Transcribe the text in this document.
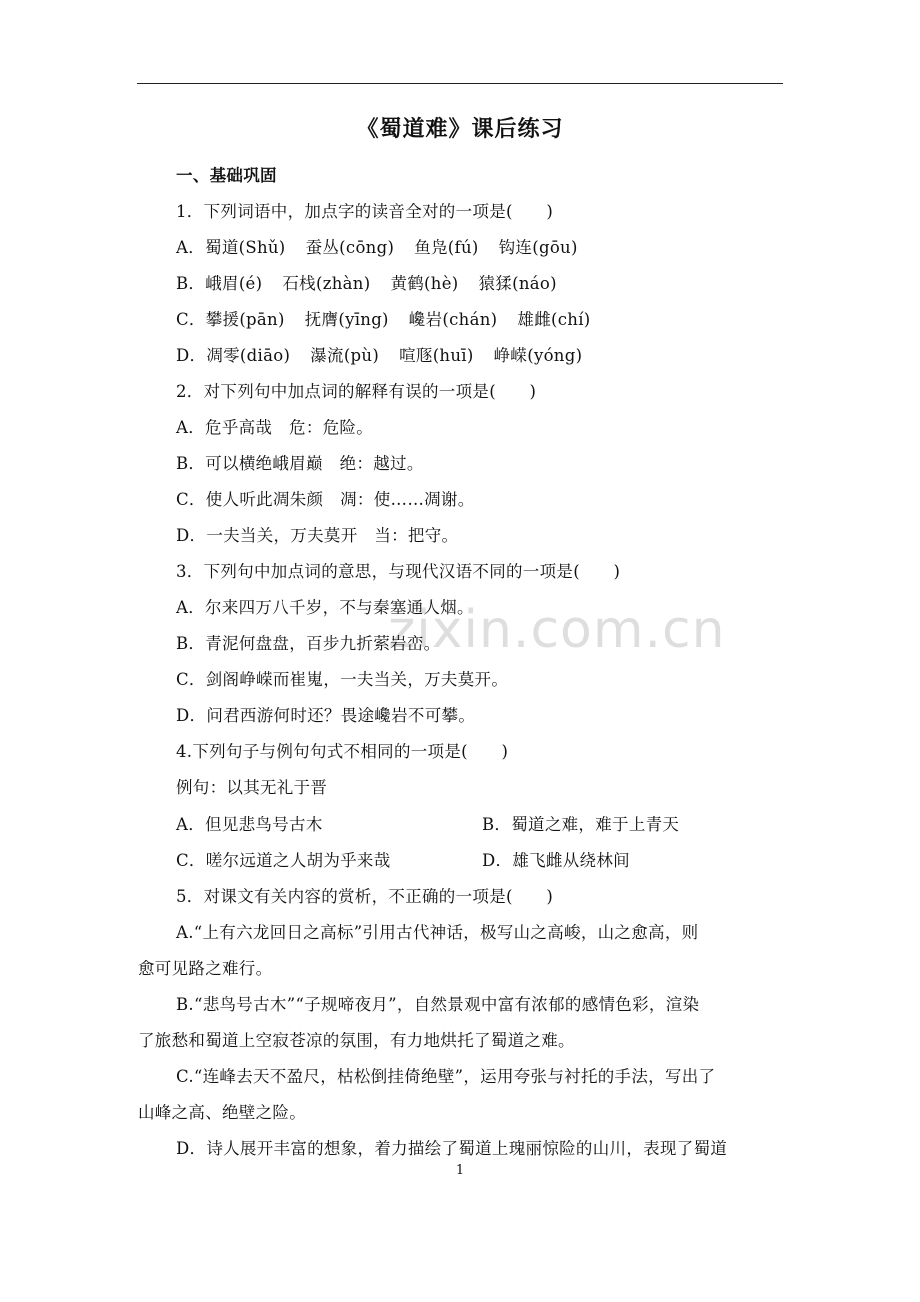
《蜀道难》课后练习
一、基础巩固
1．下列词语中，加点字的读音全对的一项是(　　)
A．蜀道(Shǔ) 蚕丛(cōng) 鱼凫(fú) 钩连(gōu)
B．峨眉(é) 石栈(zhàn) 黄鹤(hè) 猿猱(náo)
C．攀援(pān) 抚膺(yīng) 巉岩(chán) 雄雌(chí)
D．凋零(diāo) 瀑流(pù) 喧豗(huī) 峥嵘(yóng)
2．对下列句中加点词的解释有误的一项是(　　)
A．危乎高哉　危：危险。
B．可以横绝峨眉巅　绝：越过。
C．使人听此凋朱颜　凋：使……凋谢。
D．一夫当关，万夫莫开　当：把守。
3．下列句中加点词的意思，与现代汉语不同的一项是(　　)
A．尔来四万八千岁，不与秦塞通人烟。
B．青泥何盘盘，百步九折萦岩峦。
C．剑阁峥嵘而崔嵬，一夫当关，万夫莫开。
D．问君西游何时还？畏途巉岩不可攀。
4.下列句子与例句句式不相同的一项是(　　)
例句：以其无礼于晋
A．但见悲鸟号古木	B．蜀道之难，难于上青天
C．嗟尔远道之人胡为乎来哉	D．雄飞雌从绕林间
5．对课文有关内容的赏析，不正确的一项是(　　)
A.“上有六龙回日之高标”引用古代神话，极写山之高峻，山之愈高，则
愈可见路之难行。
B.“悲鸟号古木”“子规啼夜月”，自然景观中富有浓郁的感情色彩，渲染
了旅愁和蜀道上空寂苍凉的氛围，有力地烘托了蜀道之难。
C.“连峰去天不盈尺，枯松倒挂倚绝壁”，运用夸张与衬托的手法，写出了
山峰之高、绝壁之险。
D．诗人展开丰富的想象，着力描绘了蜀道上瑰丽惊险的山川，表现了蜀道
1
zixin.com.cn
